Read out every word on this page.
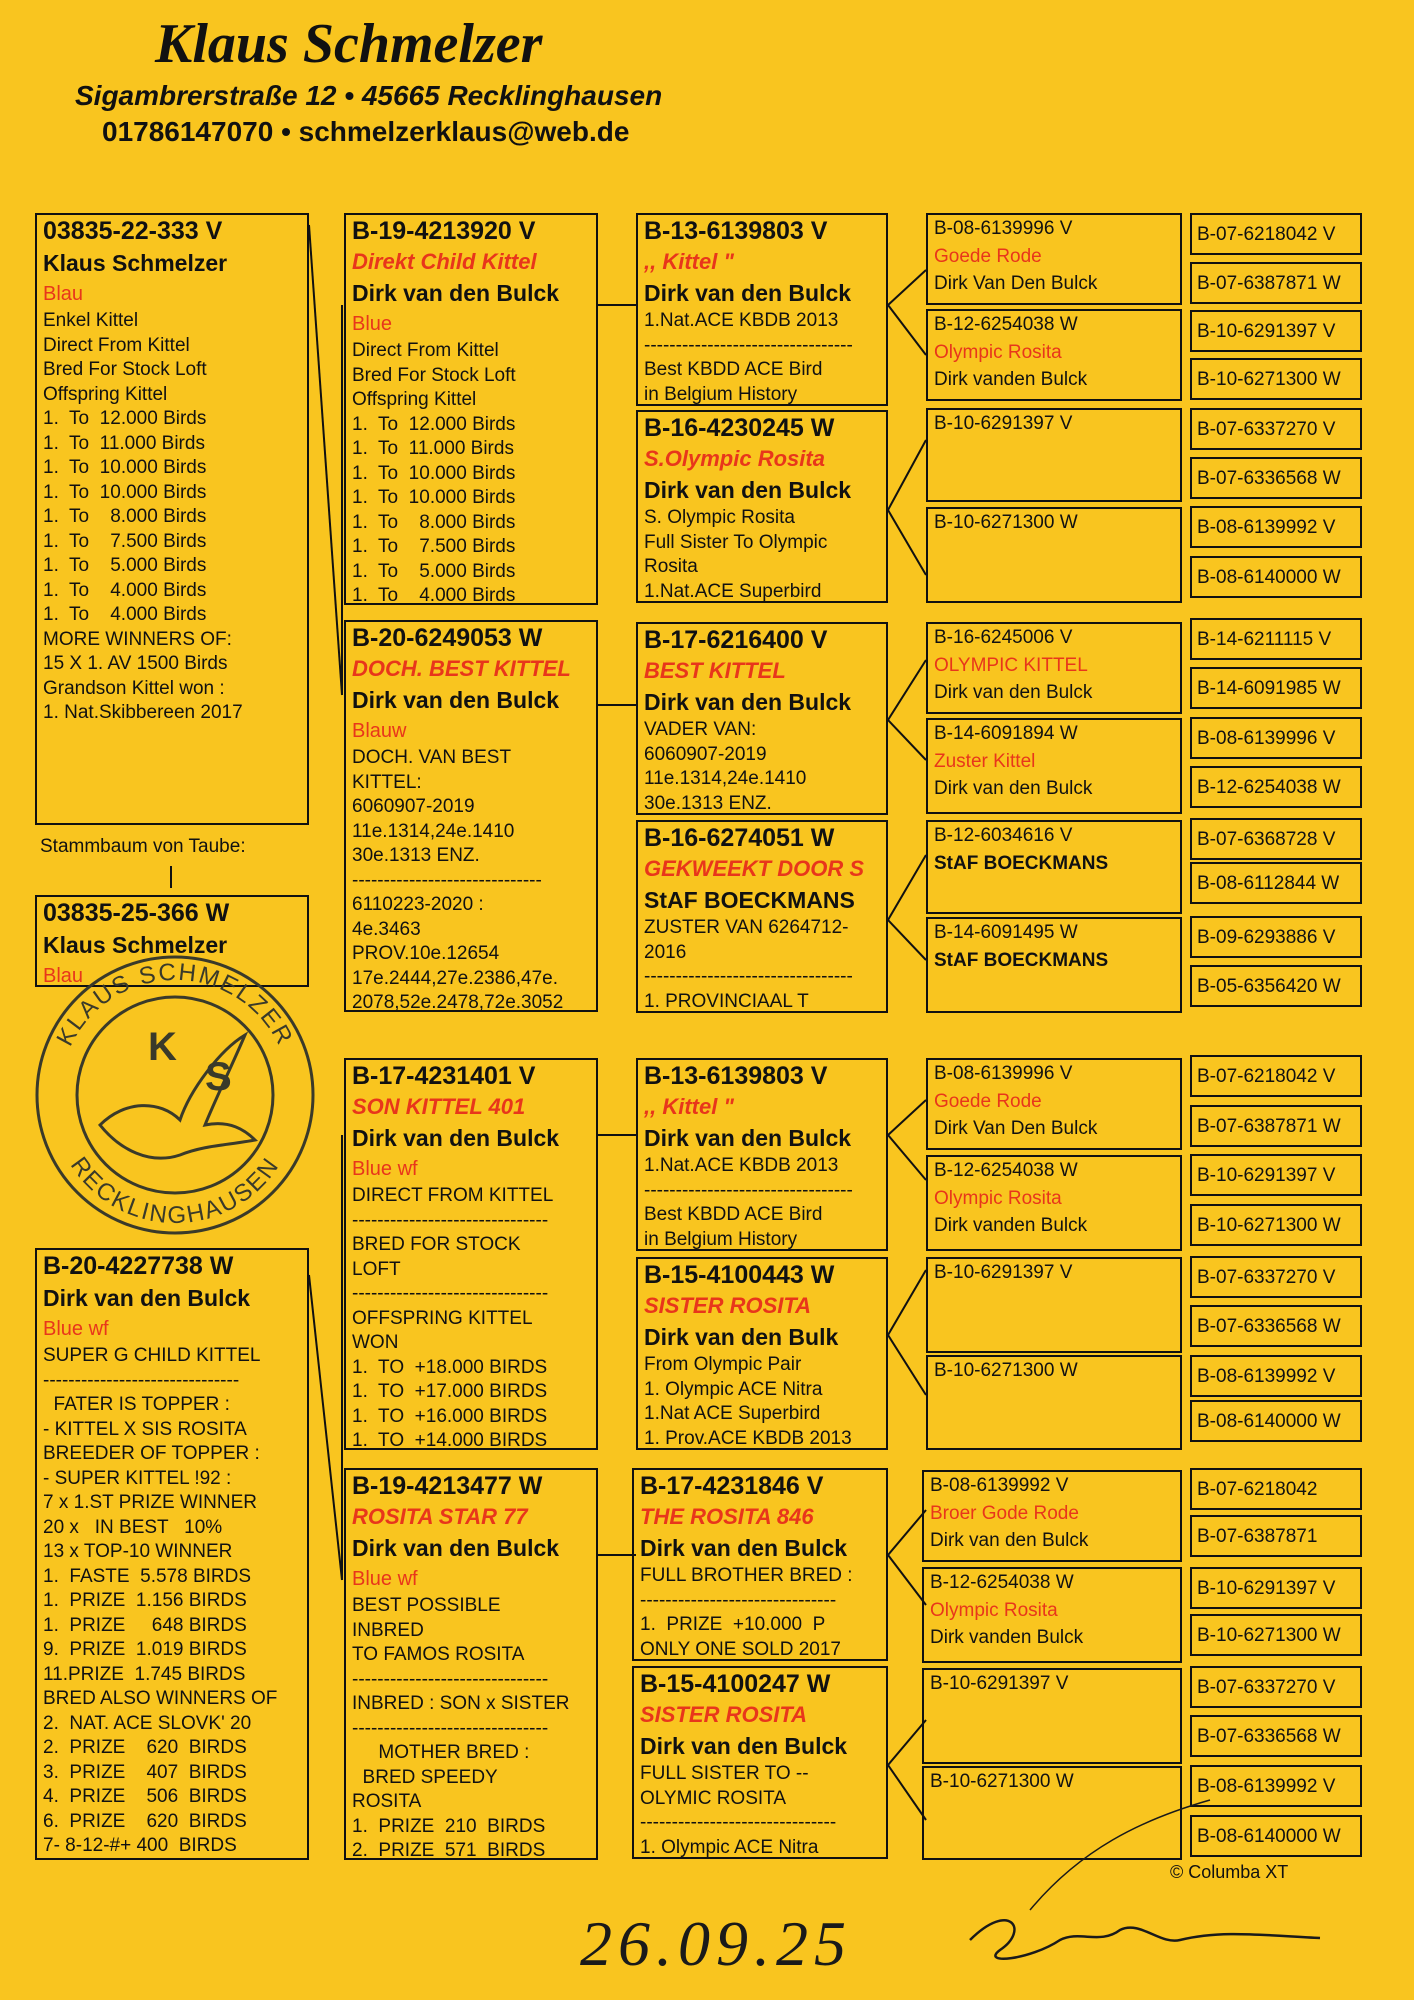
Klaus Schmelzer
Sigambrerstraße 12 • 45665 Recklinghausen
01786147070 • schmelzerklaus@web.de
03835-22-333 V
Klaus Schmelzer
Blau
Enkel Kittel
Direct From Kittel
Bred For Stock Loft
Offspring Kittel
1.  To  12.000 Birds
1.  To  11.000 Birds
1.  To  10.000 Birds
1.  To  10.000 Birds
1.  To    8.000 Birds
1.  To    7.500 Birds
1.  To    5.000 Birds
1.  To    4.000 Birds
1.  To    4.000 Birds
MORE WINNERS OF:
15 X 1. AV 1500 Birds
Grandson Kittel won :
1. Nat.Skibbereen 2017
Stammbaum von Taube:
03835-25-366 W
Klaus Schmelzer
Blau
KLAUS SCHMELZER
RECKLINGHAUSEN
K
S
B-20-4227738 W
Dirk van den Bulck
Blue wf
SUPER G CHILD KITTEL
-------------------------------
FATER IS TOPPER :
- KITTEL X SIS ROSITA
BREEDER OF TOPPER :
- SUPER KITTEL !92 :
7 x 1.ST PRIZE WINNER
20 x   IN BEST   10%
13 x TOP-10 WINNER
1.  FASTE  5.578 BIRDS
1.  PRIZE  1.156 BIRDS
1.  PRIZE     648 BIRDS
9.  PRIZE  1.019 BIRDS
11.PRIZE  1.745 BIRDS
BRED ALSO WINNERS OF
2.  NAT. ACE SLOVK' 20
2.  PRIZE    620  BIRDS
3.  PRIZE    407  BIRDS
4.  PRIZE    506  BIRDS
6.  PRIZE    620  BIRDS
7- 8-12-#+ 400  BIRDS
B-19-4213920 V
Direkt Child Kittel
Dirk van den Bulck
Blue
Direct From Kittel
Bred For Stock Loft
Offspring Kittel
1.  To  12.000 Birds
1.  To  11.000 Birds
1.  To  10.000 Birds
1.  To  10.000 Birds
1.  To    8.000 Birds
1.  To    7.500 Birds
1.  To    5.000 Birds
1.  To    4.000 Birds
B-20-6249053 W
DOCH. BEST KITTEL
Dirk van den Bulck
Blauw
DOCH. VAN BEST
KITTEL:
6060907-2019
11e.1314,24e.1410
30e.1313 ENZ.
------------------------------
6110223-2020 :
4e.3463
PROV.10e.12654
17e.2444,27e.2386,47e.
2078,52e.2478,72e.3052
B-17-4231401 V
SON KITTEL 401
Dirk van den Bulck
Blue wf
DIRECT FROM KITTEL
-------------------------------
BRED FOR STOCK
LOFT
-------------------------------
OFFSPRING KITTEL
WON
1.  TO  +18.000 BIRDS
1.  TO  +17.000 BIRDS
1.  TO  +16.000 BIRDS
1.  TO  +14.000 BIRDS
B-19-4213477 W
ROSITA STAR 77
Dirk van den Bulck
Blue wf
BEST POSSIBLE
INBRED
TO FAMOS ROSITA
-------------------------------
INBRED : SON x SISTER
-------------------------------
MOTHER BRED :
BRED SPEEDY
ROSITA
1.  PRIZE  210  BIRDS
2.  PRIZE  571  BIRDS
B-13-6139803 V
,, Kittel "
Dirk van den Bulck
1.Nat.ACE KBDB 2013
---------------------------------
Best KBDD ACE Bird
in Belgium History
B-16-4230245 W
S.Olympic Rosita
Dirk van den Bulck
S. Olympic Rosita
Full Sister To Olympic
Rosita
1.Nat.ACE Superbird
B-17-6216400 V
BEST KITTEL
Dirk van den Bulck
VADER VAN:
6060907-2019
11e.1314,24e.1410
30e.1313 ENZ.
B-16-6274051 W
GEKWEEKT DOOR S
StAF BOECKMANS
ZUSTER VAN 6264712-
2016
---------------------------------
1. PROVINCIAAL T
B-13-6139803 V
,, Kittel "
Dirk van den Bulck
1.Nat.ACE KBDB 2013
---------------------------------
Best KBDD ACE Bird
in Belgium History
B-15-4100443 W
SISTER ROSITA
Dirk van den Bulk
From Olympic Pair
1. Olympic ACE Nitra
1.Nat ACE Superbird
1. Prov.ACE KBDB 2013
B-17-4231846 V
THE ROSITA 846
Dirk van den Bulck
FULL BROTHER BRED :
-------------------------------
1.  PRIZE  +10.000  P
ONLY ONE SOLD 2017
B-15-4100247 W
SISTER ROSITA
Dirk van den Bulck
FULL SISTER TO --
OLYMIC ROSITA
-------------------------------
1. Olympic ACE Nitra
B-08-6139996 V
Goede Rode
Dirk Van Den Bulck
B-12-6254038 W
Olympic Rosita
Dirk vanden Bulck
B-10-6291397 V
B-10-6271300 W
B-16-6245006 V
OLYMPIC KITTEL
Dirk van den Bulck
B-14-6091894 W
Zuster Kittel
Dirk van den Bulck
B-12-6034616 V
StAF BOECKMANS
B-14-6091495 W
StAF BOECKMANS
B-08-6139996 V
Goede Rode
Dirk Van Den Bulck
B-12-6254038 W
Olympic Rosita
Dirk vanden Bulck
B-10-6291397 V
B-10-6271300 W
B-08-6139992 V
Broer Gode Rode
Dirk van den Bulck
B-12-6254038 W
Olympic Rosita
Dirk vanden Bulck
B-10-6291397 V
B-10-6271300 W
B-07-6218042 V
B-07-6387871 W
B-10-6291397 V
B-10-6271300 W
B-07-6337270 V
B-07-6336568 W
B-08-6139992 V
B-08-6140000 W
B-14-6211115 V
B-14-6091985 W
B-08-6139996 V
B-12-6254038 W
B-07-6368728 V
B-08-6112844 W
B-09-6293886 V
B-05-6356420 W
B-07-6218042 V
B-07-6387871 W
B-10-6291397 V
B-10-6271300 W
B-07-6337270 V
B-07-6336568 W
B-08-6139992 V
B-08-6140000 W
B-07-6218042
B-07-6387871
B-10-6291397 V
B-10-6271300 W
B-07-6337270 V
B-07-6336568 W
B-08-6139992 V
B-08-6140000 W
© Columba XT
26.09.25
